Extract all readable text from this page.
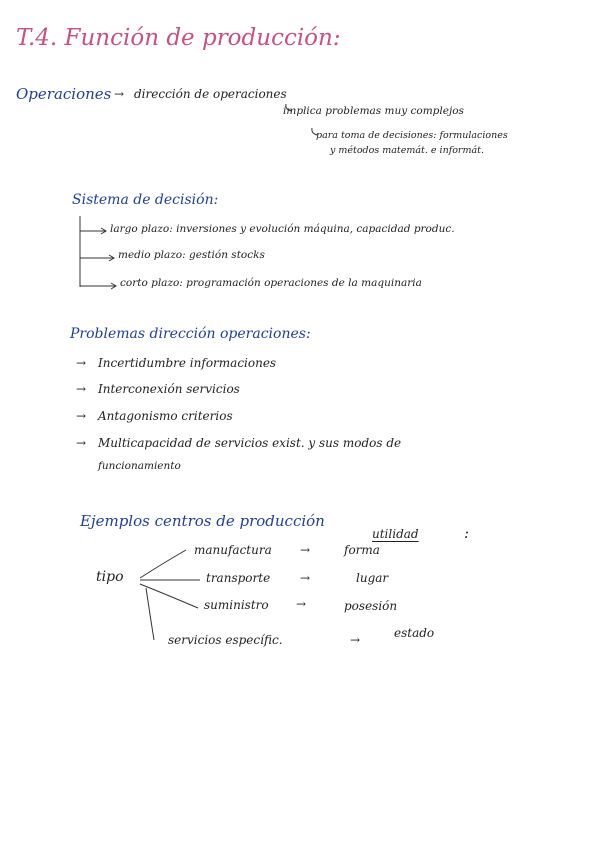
T.4. Función de producción:
Operaciones → dirección de operaciones
implica problemas muy complejos
para toma de decisiones: formulaciones
y métodos matemát. e informát.
Sistema de decisión:
largo plazo: inversiones y evolución máquina, capacidad produc.
medio plazo: gestión stocks
corto plazo: programación operaciones de la maquinaria
Problemas dirección operaciones:
→ Incertidumbre informaciones
→ Interconexión servicios
→ Antagonismo criterios
→ Multicapacidad de servicios exist. y sus modos de
funcionamiento
Ejemplos centros de producción
utilidad	:
tipo
manufactura →	forma
transporte →	lugar
suministro →	posesión
servicios específic.	→	estado
